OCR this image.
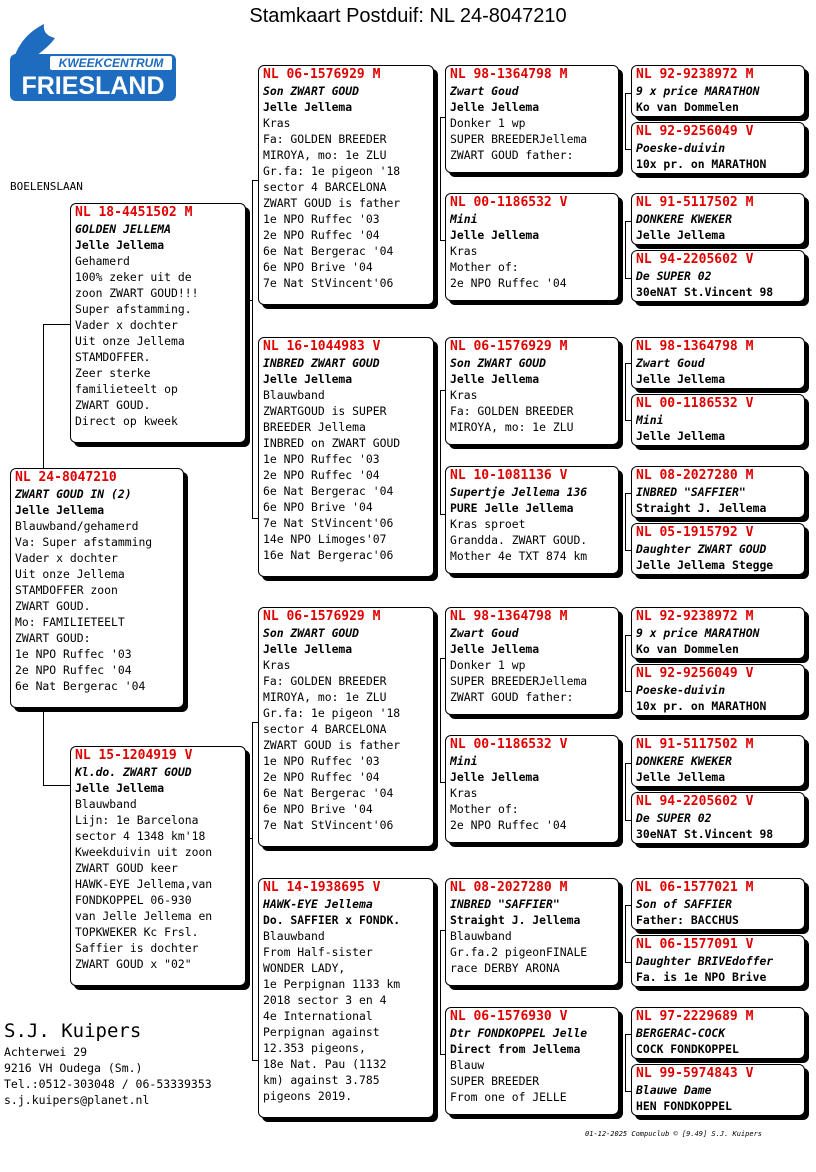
Stamkaart Postduif: NL 24-8047210
KWEEKCENTRUM
FRIESLAND
BOELENSLAAN
NL 24-8047210
ZWART GOUD IN (2)
Jelle Jellema
Blauwband/gehamerd
Va: Super afstamming
Vader x dochter
Uit onze Jellema
STAMDOFFER zoon
ZWART GOUD.
Mo: FAMILIETEELT
ZWART GOUD:
1e NPO Ruffec '03
2e NPO Ruffec '04
6e Nat Bergerac '04
NL 18-4451502 M
GOLDEN JELLEMA
Jelle Jellema
Gehamerd
100% zeker uit de
zoon ZWART GOUD!!!
Super afstamming.
Vader x dochter
Uit onze Jellema
STAMDOFFER.
Zeer sterke
familieteelt op
ZWART GOUD.
Direct op kweek
NL 15-1204919 V
Kl.do. ZWART GOUD
Jelle Jellema
Blauwband
Lijn: 1e Barcelona
sector 4 1348 km'18
Kweekduivin uit zoon
ZWART GOUD keer
HAWK-EYE Jellema,van
FONDKOPPEL 06-930
van Jelle Jellema en
TOPKWEKER Kc Frsl.
Saffier is dochter
ZWART GOUD x "02"
NL 06-1576929 M
Son ZWART GOUD
Jelle Jellema
Kras
Fa: GOLDEN BREEDER
MIROYA, mo: 1e ZLU
Gr.fa: 1e pigeon '18
sector 4 BARCELONA
ZWART GOUD is father
1e NPO Ruffec '03
2e NPO Ruffec '04
6e Nat Bergerac '04
6e NPO Brive '04
7e Nat StVincent'06
NL 16-1044983 V
INBRED ZWART GOUD
Jelle Jellema
Blauwband
ZWARTGOUD is SUPER
BREEDER Jellema
INBRED on ZWART GOUD
1e NPO Ruffec '03
2e NPO Ruffec '04
6e Nat Bergerac '04
6e NPO Brive '04
7e Nat StVincent'06
14e NPO Limoges'07
16e Nat Bergerac'06
NL 06-1576929 M
Son ZWART GOUD
Jelle Jellema
Kras
Fa: GOLDEN BREEDER
MIROYA, mo: 1e ZLU
Gr.fa: 1e pigeon '18
sector 4 BARCELONA
ZWART GOUD is father
1e NPO Ruffec '03
2e NPO Ruffec '04
6e Nat Bergerac '04
6e NPO Brive '04
7e Nat StVincent'06
NL 14-1938695 V
HAWK-EYE Jellema
Do. SAFFIER x FONDK.
Blauwband
From Half-sister
WONDER LADY,
1e Perpignan 1133 km
2018 sector 3 en 4
4e International
Perpignan against
12.353 pigeons,
18e Nat. Pau (1132
km) against 3.785
pigeons 2019.
NL 98-1364798 M
Zwart Goud
Jelle Jellema
Donker 1 wp
SUPER BREEDERJellema
ZWART GOUD father:
NL 00-1186532 V
Mini
Jelle Jellema
Kras
Mother of:
2e NPO Ruffec '04
NL 06-1576929 M
Son ZWART GOUD
Jelle Jellema
Kras
Fa: GOLDEN BREEDER
MIROYA, mo: 1e ZLU
NL 10-1081136 V
Supertje Jellema 136
PURE Jelle Jellema
Kras sproet
Grandda. ZWART GOUD.
Mother 4e TXT 874 km
NL 98-1364798 M
Zwart Goud
Jelle Jellema
Donker 1 wp
SUPER BREEDERJellema
ZWART GOUD father:
NL 00-1186532 V
Mini
Jelle Jellema
Kras
Mother of:
2e NPO Ruffec '04
NL 08-2027280 M
INBRED "SAFFIER"
Straight J. Jellema
Blauwband
Gr.fa.2 pigeonFINALE
race DERBY ARONA
NL 06-1576930 V
Dtr FONDKOPPEL Jelle
Direct from Jellema
Blauw
SUPER BREEDER
From one of JELLE
NL 92-9238972 M
9 x price MARATHON
Ko van Dommelen
NL 92-9256049 V
Poeske-duivin
10x pr. on MARATHON
NL 91-5117502 M
DONKERE KWEKER
Jelle Jellema
NL 94-2205602 V
De SUPER 02
30eNAT St.Vincent 98
NL 98-1364798 M
Zwart Goud
Jelle Jellema
NL 00-1186532 V
Mini
Jelle Jellema
NL 08-2027280 M
INBRED "SAFFIER"
Straight J. Jellema
NL 05-1915792 V
Daughter ZWART GOUD
Jelle Jellema Stegge
NL 92-9238972 M
9 x price MARATHON
Ko van Dommelen
NL 92-9256049 V
Poeske-duivin
10x pr. on MARATHON
NL 91-5117502 M
DONKERE KWEKER
Jelle Jellema
NL 94-2205602 V
De SUPER 02
30eNAT St.Vincent 98
NL 06-1577021 M
Son of SAFFIER
Father: BACCHUS
NL 06-1577091 V
Daughter BRIVEdoffer
Fa. is 1e NPO Brive
NL 97-2229689 M
BERGERAC-COCK
COCK FONDKOPPEL
NL 99-5974843 V
Blauwe Dame
HEN FONDKOPPEL
S.J. Kuipers
Achterwei 29
9216 VH Oudega (Sm.)
Tel.:0512-303048 / 06-53339353
s.j.kuipers@planet.nl
01-12-2025 Compuclub © [9.49] S.J. Kuipers
